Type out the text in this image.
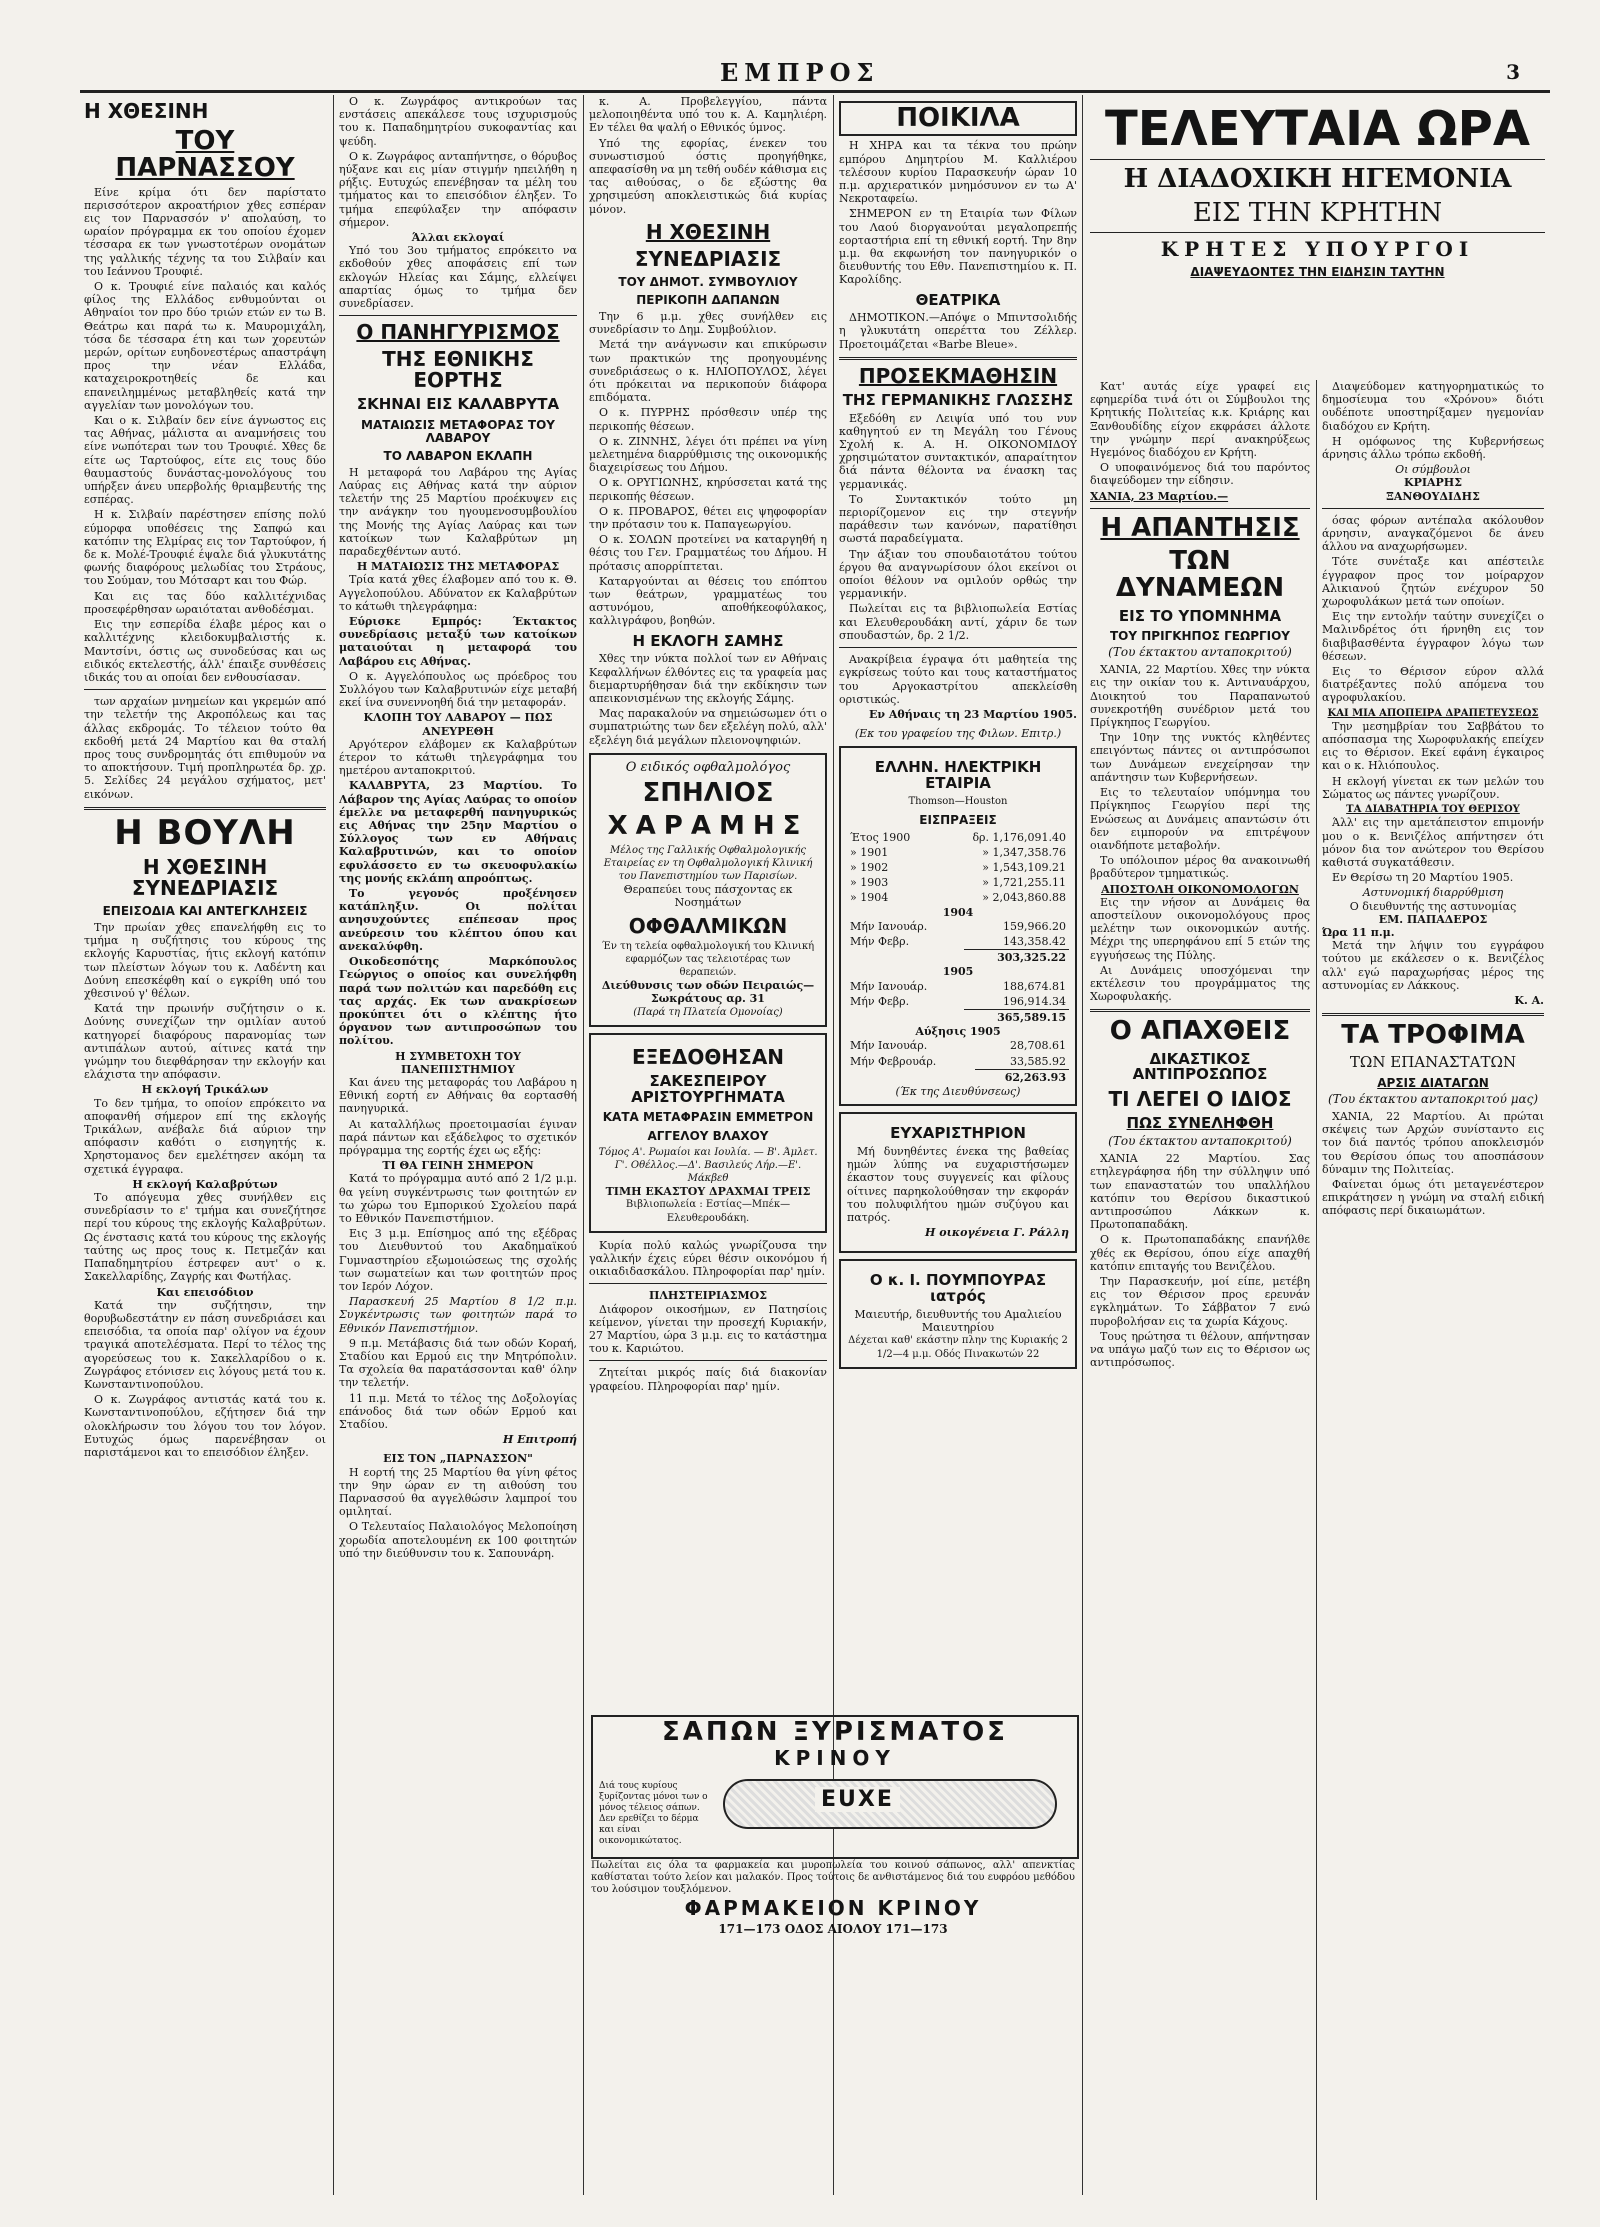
ΕΜΠΡΟΣ	3
Η ΧΘΕΣΙΝΗ
ΤΟΥ ΠΑΡΝΑΣΣΟΥ

Είνε κρίμα ότι δεν παρίστατο περισσότερον ακροατήριον χθες εσπέραν εις τον Παρνασσόν ν' απολαύση, το ωραίον πρόγραμμα εκ του οποίου έχομεν τέσσαρα εκ των γνωστοτέρων ονομάτων της γαλλικής τέχνης τα του Σιλβαίν και του Ιεάννου Τρουφιέ.

Ο κ. Τρουφιέ είνε παλαιός και καλός φίλος της Ελλάδος ενθυμούνται οι Αθηναίοι τον προ δύο τριών ετών εν τω Β. Θεάτρω και παρά τω κ. Μαυρομιχάλη, τόσα δε τέσσαρα έτη και των χορευτών μερών, ορίτων ευηδονεστέρως απαστράψη προς την νέαν Ελλάδα, καταχειροκροτηθείς δε και επανειλημμένως μεταβληθείς κατά την αγγελίαν των μονολόγων του.

Και ο κ. Σιλβαίν δεν είνε άγνωστος εις τας Αθήνας, μάλιστα αι αναμνήσεις του είνε νωπότεραι των του Τρουφιέ. Χθες δε είτε ως Ταρτούφος, είτε εις τους δύο θαυμαστούς δυνάστας-μονολόγους του υπήρξεν άνευ υπερβολής θριαμβευτής της εσπέρας.

Η κ. Σιλβαίν παρέστησεν επίσης πολύ εύμορφα υποθέσεις της Σαπφώ και κατόπιν της Ελμίρας εις τον Ταρτούφον, ή δε κ. Μολέ-Τρουφιέ έψαλε διά γλυκυτάτης φωνής διαφόρους μελωδίας του Στράους, του Σούμαν, του Μότσαρτ και του Φώρ.

Και εις τας δύο καλλιτέχνιδας προσεφέρθησαν ωραιόταται ανθοδέσμαι.

Εις την εσπερίδα έλαβε μέρος και ο καλλιτέχνης κλειδοκυμβαλιστής κ. Μαντσίνι, όστις ως συνοδεύσας και ως ειδικός εκτελεστής, άλλ' έπαιξε συνθέσεις ιδικάς του αι οποίαι δεν ενθουσίασαν.

των αρχαίων μνημείων και γκρεμών από την τελετήν της Ακροπόλεως και τας άλλας εκδρομάς. Το τέλειον τούτο θα εκδοθή μετά 24 Μαρτίου και θα σταλή προς τους συνδρομητάς ότι επιθυμούν να το αποκτήσουν. Τιμή προπληρωτέα δρ. χρ. 5. Σελίδες 24 μεγάλου σχήματος, μετ' εικόνων.

Η ΒΟΥΛΗ
Η ΧΘΕΣΙΝΗ ΣΥΝΕΔΡΙΑΣΙΣ
ΕΠΕΙΣΟΔΙΑ ΚΑΙ ΑΝΤΕΓΚΛΗΣΕΙΣ

Την πρωίαν χθες επανελήφθη εις το τμήμα η συζήτησις του κύρους της εκλογής Καρυστίας, ήτις εκλογή κατόπιν των πλείστων λόγων του κ. Λαδέντη και Δούνη επεσκέφθη καί ο εγκρίθη υπό του χθεσινού γ' θέλων.

Κατά την πρωινήν συζήτησιν ο κ. Δούνης συνεχίζων την ομιλίαν αυτού κατηγορεί διαφόρους παρανομίας των αντιπάλων αυτού, αίτινες κατά την γνώμην του διεφθάρησαν την εκλογήν και ελάχιστα την απόφασιν.

Η εκλογή Τρικάλων

Το δεν τμήμα, το οποίον επρόκειτο να αποφανθή σήμερον επί της εκλογής Τρικάλων, ανέβαλε διά αύριον την απόφασιν καθότι ο εισηγητής κ. Χρηστομανος δεν εμελέτησεν ακόμη τα σχετικά έγγραφα.

Η εκλογή Καλαβρύτων

Το απόγευμα χθες συνήλθεν εις συνεδρίασιν το ε' τμήμα και συνεζήτησε περί του κύρους της εκλογής Καλαβρύτων. Ως ένστασις κατά του κύρους της εκλογής ταύτης ως προς τους κ. Πετμεζάν και Παπαδημητρίου έστρεφεν αυτ' ο κ. Σακελλαρίδης, Ζαγρής και Φωτήλας.

Και επεισόδιον

Κατά την συζήτησιν, την θορυβωδεστάτην εν πάση συνεδριάσει και επεισόδια, τα οποία παρ' ολίγον να έχουν τραγικά αποτελέσματα. Περί το τέλος της αγορεύσεως του κ. Σακελλαρίδου ο κ. Ζωγράφος ετόνισεν εις λόγους μετά του κ. Κωνσταντινοπούλου.

Ο κ. Ζωγράφος αντιστάς κατά του κ. Κωνσταντινοπούλου, εζήτησεν διά την ολοκλήρωσιν του λόγου του τον λόγον. Ευτυχώς όμως παρενέβησαν οι παριστάμενοι και το επεισόδιον έληξεν.

Ο κ. Ζωγράφος αντικρούων τας ενστάσεις απεκάλεσε τους ισχυρισμούς του κ. Παπαδημητρίου συκοφαντίας και ψεύδη.

Ο κ. Ζωγράφος ανταπήντησε, ο θόρυβος ηύξανε και εις μίαν στιγμήν ηπειλήθη η ρήξις. Ευτυχώς επενέβησαν τα μέλη του τμήματος και το επεισόδιον έληξεν. Το τμήμα επεφύλαξεν την απόφασιν σήμερον.

Άλλαι εκλογαί

Υπό του 3ου τμήματος επρόκειτο να εκδοθούν χθες αποφάσεις επί των εκλογών Ηλείας και Σάμης, ελλείψει απαρτίας όμως το τμήμα δεν συνεδρίασεν.

Ο ΠΑΝΗΓΥΡΙΣΜΟΣ
ΤΗΣ ΕΘΝΙΚΗΣ ΕΟΡΤΗΣ
ΣΚΗΝΑΙ ΕΙΣ ΚΑΛΑΒΡΥΤΑ
ΜΑΤΑΙΩΣΙΣ ΜΕΤΑΦΟΡΑΣ ΤΟΥ ΛΑΒΑΡΟΥ
ΤΟ ΛΑΒΑΡΟΝ ΕΚΛΑΠΗ

Η μεταφορά του Λαβάρου της Αγίας Λαύρας εις Αθήνας κατά την αύριον τελετήν της 25 Μαρτίου προέκυψεν εις την ανάγκην του ηγουμενοσυμβουλίου της Μονής της Αγίας Λαύρας και των κατοίκων των Καλαβρύτων μη παραδεχθέντων αυτό.

Η ΜΑΤΑΙΩΣΙΣ ΤΗΣ ΜΕΤΑΦΟΡΑΣ

Τρία κατά χθες έλαβομεν από του κ. Θ. Αγγελοπούλου. Αδύνατον εκ Καλαβρύτων το κάτωθι τηλεγράφημα:

Εύρισκε Εμπρός: Έκτακτος συνεδρίασις μεταξύ των κατοίκων ματαιούται η μεταφορά του Λαβάρου εις Αθήνας.

Ο κ. Αγγελόπουλος ως πρόεδρος του Συλλόγου των Καλαβρυτινών είχε μεταβή εκεί ίνα συνεννοηθή διά την μεταφοράν.

ΚΛΟΠΗ ΤΟΥ ΛΑΒΑΡΟΥ — ΠΩΣ ΑΝΕΥΡΕΘΗ

Αργότερον ελάβομεν εκ Καλαβρύτων έτερον το κάτωθι τηλεγράφημα του ημετέρου ανταποκριτού.

ΚΑΛΑΒΡΥΤΑ, 23 Μαρτίου. Το Λάβαρον της Αγίας Λαύρας το οποίον έμελλε να μεταφερθή πανηγυρικώς εις Αθήνας την 25ην Μαρτίου ο Σύλλογος των εν Αθήναις Καλαβρυτινών, και το οποίον εφυλάσσετο εν τω σκευοφυλακίω της μονής εκλάπη απροόπτως.

Το γεγονός προξένησεν κατάπληξιν. Οι πολίται ανησυχούντες επέπεσαν προς ανεύρεσιν του κλέπτου όπου και ανεκαλύφθη.

Οικοδεσπότης Μαρκόπουλος Γεώργιος ο οποίος και συνελήφθη παρά των πολιτών και παρεδόθη εις τας αρχάς. Εκ των ανακρίσεων προκύπτει ότι ο κλέπτης ήτο όργανον των αντιπροσώπων του πολίτου.

Η ΣΥΜΒΕΤΟΧΗ ΤΟΥ ΠΑΝΕΠΙΣΤΗΜΙΟΥ

Και άνευ της μεταφοράς του Λαβάρου η Εθνική εορτή εν Αθήναις θα εορτασθή πανηγυρικά.

Αι καταλλήλως προετοιμασίαι έγιναν παρά πάντων και εξάδελφος το σχετικόν πρόγραμμα της εορτής έχει ως εξής:

ΤΙ ΘΑ ΓΕΙΝΗ ΣΗΜΕΡΟΝ

Κατά το πρόγραμμα αυτό από 2 1/2 μ.μ. θα γείνη συγκέντρωσις των φοιτητών εν τω χώρω του Εμπορικού Σχολείου παρά το Εθνικόν Πανεπιστήμιον.

Εις 3 μ.μ. Επίσημος από της εξέδρας του Διευθυντού του Ακαδημαϊκού Γυμναστηρίου εξωμοιώσεως της σχολής των σωματείων και των φοιτητών προς τον Ιερόν Λόχον.

Παρασκευή 25 Μαρτίου 8 1/2 π.μ. Συγκέντρωσις των φοιτητών παρά το Εθνικόν Πανεπιστήμιον.

9 π.μ. Μετάβασις διά των οδών Κοραή, Σταδίου και Ερμού εις την Μητρόπολιν. Τα σχολεία θα παρατάσσονται καθ' όλην την τελετήν.

11 π.μ. Μετά το τέλος της Δοξολογίας επάνοδος διά των οδών Ερμού και Σταδίου.

Η Επιτροπή
ΕΙΣ ΤΟΝ „ΠΑΡΝΑΣΣΟΝ"

Η εορτή της 25 Μαρτίου θα γίνη φέτος την 9ην ώραν εν τη αιθούση του Παρνασσού θα αγγελθώσιν λαμπροί του ομιληταί.

Ο Τελευταίος Παλαιολόγος Μελοποίηση χορωδία αποτελουμένη εκ 100 φοιτητών υπό την διεύθυνσιν του κ. Σαπουνάρη.

κ. Α. Προβελεγγίου, πάντα μελοποιηθέντα υπό του κ. Α. Καμηλιέρη. Εν τέλει θα ψαλή ο Εθνικός ύμνος.

Υπό της εφορίας, ένεκεν του συνωστισμού όστις προηγήθηκε, απεφασίσθη να μη τεθή ουδέν κάθισμα εις τας αιθούσας, ο δε εξώστης θα χρησιμεύση αποκλειστικώς διά κυρίας μόνον.

Η ΧΘΕΣΙΝΗ
ΣΥΝΕΔΡΙΑΣΙΣ
ΤΟΥ ΔΗΜΟΤ. ΣΥΜΒΟΥΛΙΟΥ
ΠΕΡΙΚΟΠΗ ΔΑΠΑΝΩΝ

Την 6 μ.μ. χθες συνήλθεν εις συνεδρίασιν το Δημ. Συμβούλιον.

Μετά την ανάγνωσιν και επικύρωσιν των πρακτικών της προηγουμένης συνεδριάσεως ο κ. ΗΛΙΟΠΟΥΛΟΣ, λέγει ότι πρόκειται να περικοπούν διάφορα επιδόματα.

Ο κ. ΠΥΡΡΗΣ πρόσθεσιν υπέρ της περικοπής θέσεων.

Ο κ. ΖΙΝΝΗΣ, λέγει ότι πρέπει να γίνη μελετημένα διαρρύθμισις της οικονομικής διαχειρίσεως του Δήμου.

Ο κ. ΟΡΥΓΙΩΝΗΣ, κηρύσσεται κατά της περικοπής θέσεων.

Ο κ. ΠΡΟΒΑΡΟΣ, θέτει εις ψηφοφορίαν την πρότασιν του κ. Παπαγεωργίου.

Ο κ. ΣΟΛΩΝ προτείνει να καταργηθή η θέσις του Γεν. Γραμματέως του Δήμου. Η πρότασις απορρίπτεται.

Καταργούνται αι θέσεις του επόπτου των θεάτρων, γραμματέως του αστυνόμου, αποθήκεοφύλακος, καλλιγράφου, βοηθών.

Η ΕΚΛΟΓΗ ΣΑΜΗΣ

Χθες την νύκτα πολλοί των εν Αθήναις Κεφαλλήνων έλθόντες εις τα γραφεία μας διεμαρτυρήθησαν διά την εκδίκησιν των απεικονισμένων της εκλογής Σάμης.

Μας παρακαλούν να σημειώσωμεν ότι ο συμπατριώτης των δεν εξελέγη πολύ, αλλ' εξελέγη διά μεγάλων πλειονοψηφιών.

Ο ειδικός οφθαλμολόγος
ΣΠΗΛΙΟΣ
ΧΑΡΑΜΗΣ
Μέλος της Γαλλικής Οφθαλμολογικής Εταιρείας εν τη Οφθαλμολογική Κλινική του Πανεπιστημίου των Παρισίων.
Θεραπεύει τους πάσχοντας εκ Νοσημάτων
ΟΦΘΑΛΜΙΚΩΝ
Έν τη τελεία οφθαλμολογική του Κλινική εφαρμόζων τας τελειοτέρας των θεραπειών.
Διεύθυνσις των οδών Πειραιώς—Σωκράτους αρ. 31
(Παρά τη Πλατεία Ομονοίας)
ΕΞΕΔΟΘΗΣΑΝ
ΣΑΚΕΣΠΕΙΡΟΥ ΑΡΙΣΤΟΥΡΓΗΜΑΤΑ
ΚΑΤΑ ΜΕΤΑΦΡΑΣΙΝ ΕΜΜΕΤΡΟΝ
ΑΓΓΕΛΟΥ ΒΛΑΧΟΥ
Τόμος Α'. Ρωμαίοι και Ιουλία. — Β'. Άμλετ. Γ'. Οθέλλος.—Δ'. Βασιλεύς Λήρ.—Ε'. Μάκβεθ
ΤΙΜΗ ΕΚΑΣΤΟΥ ΔΡΑΧΜΑΙ ΤΡΕΙΣ
Βιβλιοπωλεία : Εστίας—Μπέκ—Ελευθερουδάκη.

Κυρία πολύ καλώς γνωρίζουσα την γαλλικήν έχεις εύρει θέσιν οικονόμου ή οικιαδιδασκάλου. Πληροφορίαι παρ' ημίν.

ΠΛΗΣΤΕΙΡΙΑΣΜΟΣ

Διάφορον οικοσήμων, εν Πατησίοις κείμενον, γίνεται την προσεχή Κυριακήν, 27 Μαρτίου, ώρα 3 μ.μ. εις το κατάστημα του κ. Καριώτου.

Ζητείται μικρός παίς διά διακονίαν γραφείου. Πληροφορίαι παρ' ημίν.

ΠΟΙΚΙΛΑ

Η ΧΗΡΑ και τα τέκνα του πρώην εμπόρου Δημητρίου Μ. Καλλιέρου τελέσουν κυρίου Παρασκευήν ώραν 10 π.μ. αρχιερατικόν μνημόσυνον εν τω Α' Νεκροταφείω.

ΣΗΜΕΡΟΝ εν τη Εταιρία των Φίλων του Λαού διοργανούται μεγαλοπρεπής εορταστήρια επί τη εθνική εορτή. Την 8ην μ.μ. θα εκφωνήση τον πανηγυρικόν ο διευθυντής του Εθν. Πανεπιστημίου κ. Π. Καρολίδης.

ΘΕΑΤΡΙΚΑ

ΔΗΜΟΤΙΚΟΝ.—Απόψε ο Μπιντσολιδής η γλυκυτάτη οπερέττα του Ζέλλερ. Προετοιμάζεται «Barbe Bleue».

ΠΡΟΣΕΚΜΑΘΗΣΙΝ
ΤΗΣ ΓΕΡΜΑΝΙΚΗΣ ΓΛΩΣΣΗΣ

Εξεδόθη εν Λειψία υπό του νυν καθηγητού εν τη Μεγάλη του Γένους Σχολή κ. Α. Η. ΟΙΚΟΝΟΜΙΔΟΥ χρησιμώτατον συντακτικόν, απαραίτητον διά πάντα θέλοντα να ένασκη τας γερμανικάς.

Το Συντακτικόν τούτο μη περιορίζομενον εις την στεγνήν παράθεσιν των κανόνων, παρατίθησι σωστά παραδείγματα.

Την άξιαν του σπουδαιοτάτου τούτου έργου θα αναγνωρίσουν όλοι εκείνοι οι οποίοι θέλουν να ομιλούν ορθώς την γερμανικήν.

Πωλείται εις τα βιβλιοπωλεία Εστίας και Ελευθερουδάκη αντί, χάριν δε των σπουδαστών, δρ. 2 1/2.

Ανακρίβεια έγραψα ότι μαθητεία της εγκρίσεως τούτο και τους καταστήματος του Αργοκαστρίτου απεκλείσθη οριστικώς.

Εν Αθήναις τη 23 Μαρτίου 1905.
(Εκ του γραφείου της Φιλων. Επιτρ.)
ΕΛΛΗΝ. ΗΛΕΚΤΡΙΚΗ ΕΤΑΙΡΙΑ
Thomson—Houston
ΕΙΣΠΡΑΞΕΙΣ
Έτος 1900	δρ. 1,176,091.40
» 1901	» 1,347,358.76
» 1902	» 1,543,109.21
» 1903	» 1,721,255.11
» 1904	» 2,043,860.88
1904
Μήν Ιανουάρ.	159,966.20
Μήν Φεβρ.	143,358.42
	303,325.22
1905
Μήν Ιανουάρ.	188,674.81
Μήν Φεβρ.	196,914.34
	365,589.15
Αύξησις 1905
Μήν Ιανουάρ.	28,708.61
Μήν Φεβρουάρ.	33,585.92
	62,263.93
(Έκ της Διευθύνσεως)
ΕΥΧΑΡΙΣΤΗΡΙΟΝ

Μή δυνηθέντες ένεκα της βαθείας ημών λύπης να ευχαριστήσωμεν έκαστον τους συγγενείς και φίλους οίτινες παρηκολούθησαν την εκφοράν του πολυφιλήτου ημών συζύγου και πατρός.

Η οικογένεια Γ. Ράλλη
Ο κ. Ι. ΠΟΥΜΠΟΥΡΑΣ ιατρός
Μαιευτήρ, διευθυντής του Αμαλιείου Μαιευτηρίου
Δέχεται καθ' εκάστην πλην της Κυριακής 2 1/2—4 μ.μ. Οδός Πινακωτών 22
ΣΑΠΩΝ ΞΥΡΙΣΜΑΤΟΣ
ΚΡΙΝΟΥ
Διά τους κυρίους ξυρίζοντας μόνοι των ο μόνος τέλειος σάπων. Δεν ερεθίζει το δέρμα και είναι οικονομικώτατος.
EUXE
Πωλείται εις όλα τα φαρμακεία και μυροπωλεία του κοινού σάπωνος, αλλ' απενκτίας καθίσταται τούτο λείον και μαλακόν. Προς τούτοις δε ανθιστάμενος διά του ευφρόου μεθόδου του λούσιμον τουξλόμενον.
ΦΑΡΜΑΚΕΙΟΝ ΚΡΙΝΟΥ
171—173 ΟΔΟΣ ΑΙΟΛΟΥ 171—173
ΤΕΛΕΥΤΑΙΑ ΩΡΑ
Η ΔΙΑΔΟΧΙΚΗ ΗΓΕΜΟΝΙΑ
ΕΙΣ ΤΗΝ ΚΡΗΤΗΝ
ΚΡΗΤΕΣ ΥΠΟΥΡΓΟΙ
ΔΙΑΨΕΥΔΟΝΤΕΣ ΤΗΝ ΕΙΔΗΣΙΝ ΤΑΥΤΗΝ

Κατ' αυτάς είχε γραφεί εις εφημερίδα τινά ότι οι Σύμβουλοι της Κρητικής Πολιτείας κ.κ. Κριάρης και Ξανθουδίδης είχον εκφράσει άλλοτε την γνώμην περί ανακηρύξεως Ηγεμόνος διαδόχου εν Κρήτη.

Ο υποφαινόμενος διά του παρόντος διαψεύδομεν την είδησιν.

ΧΑΝΙΑ, 23 Μαρτίου.—
Η ΑΠΑΝΤΗΣΙΣ
ΤΩΝ ΔΥΝΑΜΕΩΝ
ΕΙΣ ΤΟ ΥΠΟΜΝΗΜΑ
ΤΟΥ ΠΡΙΓΚΗΠΟΣ ΓΕΩΡΓΙΟΥ
(Του έκτακτου ανταποκριτού)

ΧΑΝΙΑ, 22 Μαρτίου. Χθες την νύκτα εις την οικίαν του κ. Αντιναυάρχου, Διοικητού του Παραπανωτού συνεκροτήθη συνέδριον μετά του Πρίγκηπος Γεωργίου.

Την 10ην της νυκτός κληθέντες επειγόντως πάντες οι αντιπρόσωποι των Δυνάμεων ενεχείρησαν την απάντησιν των Κυβερνήσεων.

Εις το τελευταίον υπόμνημα του Πρίγκηπος Γεωργίου περί της Ενώσεως αι Δυνάμεις απαντώσιν ότι δεν ειμπορούν να επιτρέψουν οιανδήποτε μεταβολήν.

Το υπόλοιπον μέρος θα ανακοινωθή βραδύτερον τμηματικώς.

ΑΠΟΣΤΟΛΗ ΟΙΚΟΝΟΜΟΛΟΓΩΝ

Εις την νήσον αι Δυνάμεις θα αποστείλουν οικονομολόγους προς μελέτην των οικονομικών αυτής. Μέχρι της υπερηφάνου επί 5 ετών της εγγυήσεως της Πύλης.

Αι Δυνάμεις υποσχόμεναι την εκτέλεσιν του προγράμματος της Χωροφυλακής.

Ο ΑΠΑΧΘΕΙΣ
ΔΙΚΑΣΤΙΚΟΣ ΑΝΤΙΠΡΟΣΩΠΟΣ
ΤΙ ΛΕΓΕΙ Ο ΙΔΙΟΣ
ΠΩΣ ΣΥΝΕΛΗΦΘΗ
(Του έκτακτου ανταποκριτού)

ΧΑΝΙΑ 22 Μαρτίου. Σας ετηλεγράφησα ήδη την σύλληψιν υπό των επαναστατών του υπαλλήλου κατόπιν του Θερίσου δικαστικού αντιπροσώπου Λάκκων κ. Πρωτοπαπαδάκη.

Ο κ. Πρωτοπαπαδάκης επανήλθε χθές εκ Θερίσου, όπου είχε απαχθή κατόπιν επιταγής του Βενιζέλου.

Την Παρασκευήν, μοί είπε, μετέβη εις τον Θέρισον προς ερευνάν εγκλημάτων. Το Σάββατον 7 ενώ πυροβολήσαν εις τα χωρία Κάχους.

Τους ηρώτησα τι θέλουν, απήντησαν να υπάγω μαζύ των εις το Θέρισον ως αντιπρόσωπος.

Διαψεύδομεν κατηγορηματικώς το δημοσίευμα του «Χρόνου» διότι ουδέποτε υποστηρίξαμεν ηγεμονίαν διαδόχου εν Κρήτη.

Η ομόφωνος της Κυβερνήσεως άρνησις άλλω τρόπω εκδοθή.

Οι σύμβουλοι
ΚΡΙΑΡΗΣ
ΞΑΝΘΟΥΔΙΔΗΣ

όσας φόρων αντέπαλα ακόλουθον άρνησιν, αναγκαζόμενοι δε άνευ άλλου να αναχωρήσωμεν.

Τότε συνέταξε και απέστειλε έγγραφον προς τον μοίραρχον Αλικιανού ζητών ενέχυρον 50 χωροφυλάκων μετά των οποίων.

Εις την εντολήν ταύτην συνεχίζει ο Μαλινδρέτος ότι ήρνηθη εις τον διαβιβασθέντα έγγραφον λόγω των θέσεων.

Εις το Θέρισον εύρον αλλά διατρέξαντες πολύ απόμενα του αγροφυλακίου.

ΚΑΙ ΜΙΑ ΑΠΟΠΕΙΡΑ ΔΡΑΠΕΤΕΥΣΕΩΣ

Την μεσημβρίαν του Σαββάτου το απόσπασμα της Χωροφυλακής επείχεν εις το Θέρισον. Εκεί εφάνη έγκαιρος και ο κ. Ηλιόπουλος.

Η εκλογή γίνεται εκ των μελών του Σώματος ως πάντες γνωρίζουν.

ΤΑ ΔΙΑΒΑΤΗΡΙΑ ΤΟΥ ΘΕΡΙΣΟΥ

Άλλ' εις την αμετάπειστον επιμονήν μου ο κ. Βενιζέλος απήντησεν ότι μόνον δια τον ανώτερον του Θερίσου καθιστά συγκατάθεσιν.

Εν Θερίσω τη 20 Μαρτίου 1905.

Αστυνομική διαρρύθμιση
Ο διευθυντής της αστυνομίας
ΕΜ. ΠΑΠΑΔΕΡΟΣ
Ώρα 11 π.μ.

Μετά την λήψιν του εγγράφου τούτου με εκάλεσεν ο κ. Βενιζέλος αλλ' εγώ παραχωρήσας μέρος της αστυνομίας εν Λάκκους.

Κ. Α.
ΤΑ ΤΡΟΦΙΜΑ
ΤΩΝ ΕΠΑΝΑΣΤΑΤΩΝ
ΑΡΣΙΣ ΔΙΑΤΑΓΩΝ
(Του έκτακτου ανταποκριτού μας)

ΧΑΝΙΑ, 22 Μαρτίου. Αι πρώται σκέψεις των Αρχών συνίσταντο εις τον διά παντός τρόπου αποκλεισμόν του Θερίσου όπως του αποσπάσουν δύναμιν της Πολιτείας.

Φαίνεται όμως ότι μεταγενέστερον επικράτησεν η γνώμη να σταλή ειδική απόφασις περί δικαιωμάτων.
